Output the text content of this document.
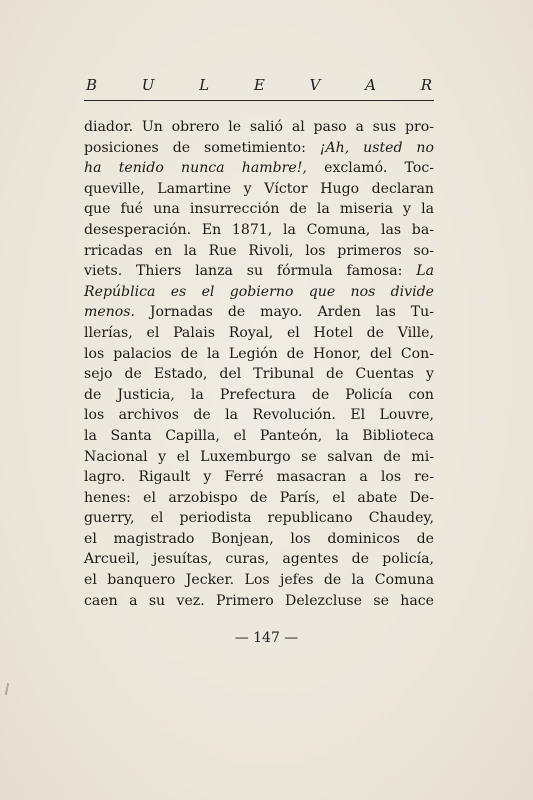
B	U	L	E	V	A	R
diador. Un obrero le salió al paso a sus pro-
posiciones de sometimiento: ¡Ah, usted no
ha tenido nunca hambre!, exclamó. Toc-
queville, Lamartine y Víctor Hugo declaran
que fué una insurrección de la miseria y la
desesperación. En 1871, la Comuna, las ba-
rricadas en la Rue Rivoli, los primeros so-
viets. Thiers lanza su fórmula famosa: La
República es el gobierno que nos divide
menos. Jornadas de mayo. Arden las Tu-
llerías, el Palais Royal, el Hotel de Ville,
los palacios de la Legión de Honor, del Con-
sejo de Estado, del Tribunal de Cuentas y
de Justicia, la Prefectura de Policía con
los archivos de la Revolución. El Louvre,
la Santa Capilla, el Panteón, la Biblioteca
Nacional y el Luxemburgo se salvan de mi-
lagro. Rigault y Ferré masacran a los re-
henes: el arzobispo de París, el abate De-
guerry, el periodista republicano Chaudey,
el magistrado Bonjean, los dominicos de
Arcueil, jesuítas, curas, agentes de policía,
el banquero Jecker. Los jefes de la Comuna
caen a su vez. Primero Delezcluse se hace
— 147 —
